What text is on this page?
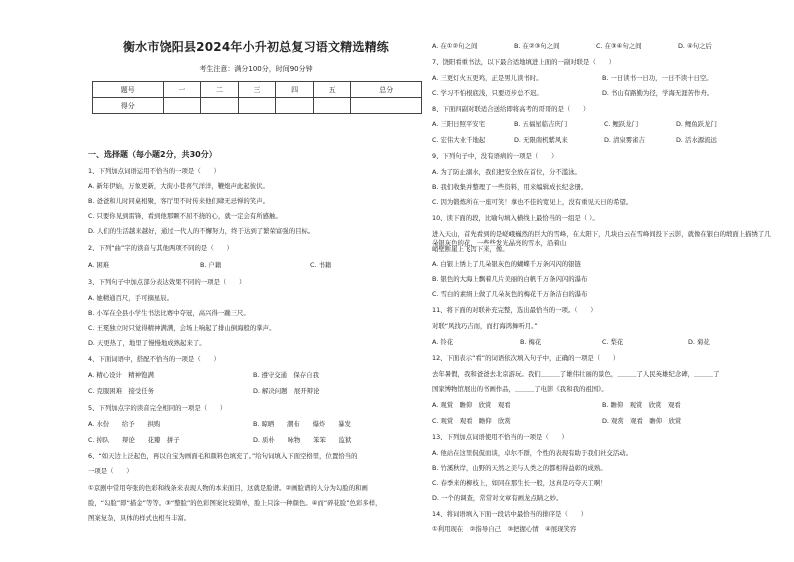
衡水市饶阳县2024年小升初总复习语文精选精练
考生注意：满分100分，时间90分钟
题号	一	二	三	四	五	总分
得分						
一、选择题（每小题2分，共30分）
1、下列加点词语运用不恰当的一项是（　　）
A. 新年伊始，万象更新，大街小巷喜气洋洋，鞭炮声此起彼伏。
B. 爸爸和儿时同桌相聚，客厅里不时传来他们肆无忌惮的笑声。
C. 只要你见到雷锋，看到他那颗不屈不挠的心，就一定会有所感触。
D. 人们的生活越来越好，通过一代人的不懈努力，终于达到了繁荣富强的目标。
2、下列“曲”字的读音与其他两项不同的是（　　）
A. 困难	B. 户籍	C. 书籍
3、下列句子中加点部分表达效果不同的一项是（　　）
A. 她精通百尺，手可摘星辰。
B. 小军在全县小学生书法比赛中夺冠，高兴得一蹦三尺。
C. 王冕独立时只觉得精神满满，会场上响起了排山倒海般的掌声。
D. 天更热了，地里了慢慢地成熟起来了。
4、下面词语中，搭配不恰当的一项是（　　）
A. 精心设计　精神饱满	B. 遵守交通　保存自我
C. 克服困难　接受任务	D. 解决问题　展开辩论
5、下列加点字的读音完全相同的一项是（　　）
A. 水份　　给予　　拱购	B. 晾晒　　潮布　　爆炸　　暴发
C. 掉队　　辩论　　花瓣　拼子	D. 质朴　　咏物　　笨笨　　监狱
6、“如天边上泛起色，再以自宝为画面毛和颜料色填充了。”给句词填入下面空格里，位置恰当的
一项是（　　）
①京剧中常用夸张的色彩和线条来表现人物的本来面目，这就是脸谱。②画脸谱的人分为勾脸的和画
脸，“勾脸”即“描金”等等。③“整脸”的色彩图案比较简单，脸上只涂一种颜色。④而“碎花脸”色彩多样，
图案复杂，具体的样式也相当丰富。
A. 在①②句之间	B. 在②③句之间	C. 在③④句之间	D. ④句之后
7、饶阳看重书法，以下最合适地填进上面的一副对联是（　　）
A. 三更灯火五更鸡，正是男儿读书时。	B. 一日读书一日功，一日不读十日空。
C. 学习不怕根底浅，只要迈步总不迟。	D. 书山有路勤为径，学海无涯苦作舟。
8、下面四副对联适合送给即将高考的哥哥的是（　　）
A. 三阳日照平安宅	B. 五福星临吉庆门	C. 鲤跃龙门	D. 鲤鱼跃龙门
C. 宏伟大业千地起	D. 无限南机紫风来	D. 清泉雾雀吉	D. 活水源流远
9、下列句子中，没有语病的一项是（　　）
A. 为了防止溺水，我们把安全放在首位，分不滥泳。
B. 我们收集并整理了一些资料，用来编辑成长纪念册。
C. 因为锻炼所在一座可笑！拿也不佳的宽见上，没有重见天日的希望。
10、读下面的段，比喻句填入横线上最恰当的一组是（ ）。
进入天山，首先看到的是嵯峨巍然的巨大的雪峰，在太阳下，几块白云在雪峰间投下云影，就像在银白的缎面上描绣了几朵银灰色的花，一些些发光晶亮的雪水，沿着山
峭壁断崖上飞泻下来，像。
A. 白银上绣上了几朵银灰色的蝴蝶千万条闪闪的银链
B. 银色的大海上飘着几片美丽的白帆千万条闪闪的瀑布
C. 雪白的素绢上做了几朵灰色的梅花千万条洁白的瀑布
11、将下面的对联补充完整，选出最恰当的一项。（　　）
对联“风找巧吉而，而打海鸿舞听月。”
A. 铃花	B. 梅花	C. 梨花	D. 菊花
12、下面表示“看”的词语依次填入句子中，正确的一项是（　　）
去年暑假，我和爸爸去北京游玩。我们＿＿＿了雄伟壮丽的景色，＿＿＿了人民英雄纪念碑，＿＿＿了
国家博物馆展出的书画作品，＿＿＿了电影《我和我的祖国》。
A. 观赏　瞻仰　欣赏　观看	B. 瞻仰　观赏　欣赏　观看
C. 观赏　观看　瞻仰　欣赏	D. 观赏　观看　瞻仰　欣赏
13、下列加点词语使用不恰当的一项是（　　）
A. 他站在这里侃侃而谈，卓尔不群，个性的表现有助于我们社交活动。
B. 竹溪秋岸，山野的天然之美与人类之的都相得益彰的成熟。
C. 春季来的柳枝上，如同在那生长一般，这真是巧夺天工啊！
D. 一个的调查，常常对文章有画龙点睛之妙。
14、将词语填入下面一段话中最恰当的排序是（　　）
①利用现在　②指导自己　③把握心情　④展现笑容
